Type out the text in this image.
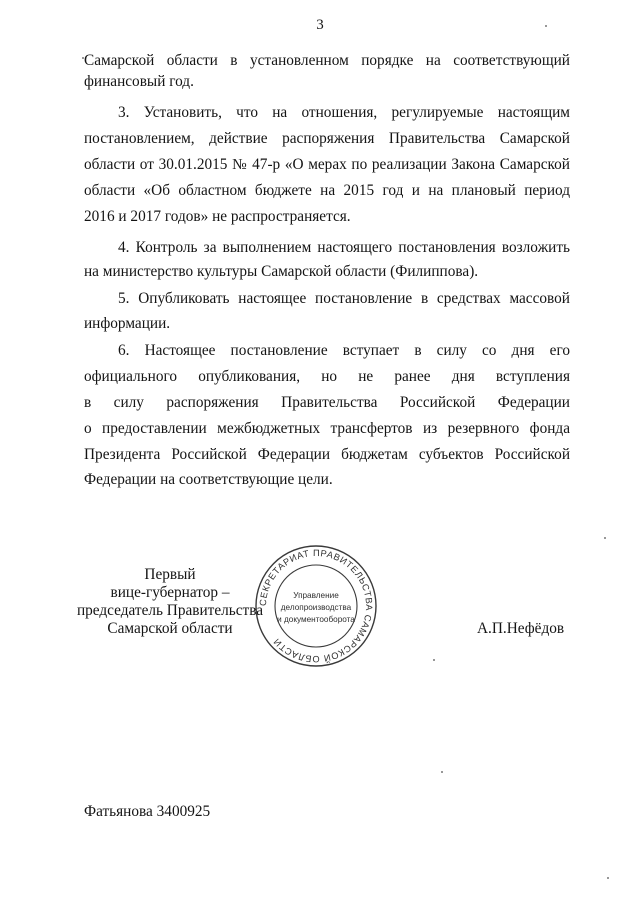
3
Самарской области в установленном порядке на соответствующий
финансовый год.
3. Установить, что на отношения, регулируемые настоящим
постановлением, действие распоряжения Правительства Самарской
области от 30.01.2015 № 47-р «О мерах по реализации Закона Самарской
области «Об областном бюджете на 2015 год и на плановый период
2016 и 2017 годов» не распространяется.
4. Контроль за выполнением настоящего постановления возложить
на министерство культуры Самарской области (Филиппова).
5. Опубликовать настоящее постановление в средствах массовой
информации.
6. Настоящее постановление вступает в силу со дня его
официального опубликования, но не ранее дня вступления
в силу распоряжения Правительства Российской Федерации
о предоставлении межбюджетных трансфертов из резервного фонда
Президента Российской Федерации бюджетам субъектов Российской
Федерации на соответствующие цели.
Первый
вице-губернатор –
председатель Правительства
Самарской области	А.П.Нефёдов
СЕКРЕТАРИАТ ПРАВИТЕЛЬСТВА САМАРСКОЙ ОБЛАСТИ
Управление
делопроизводства
и документооборота
Фатьянова 3400925
